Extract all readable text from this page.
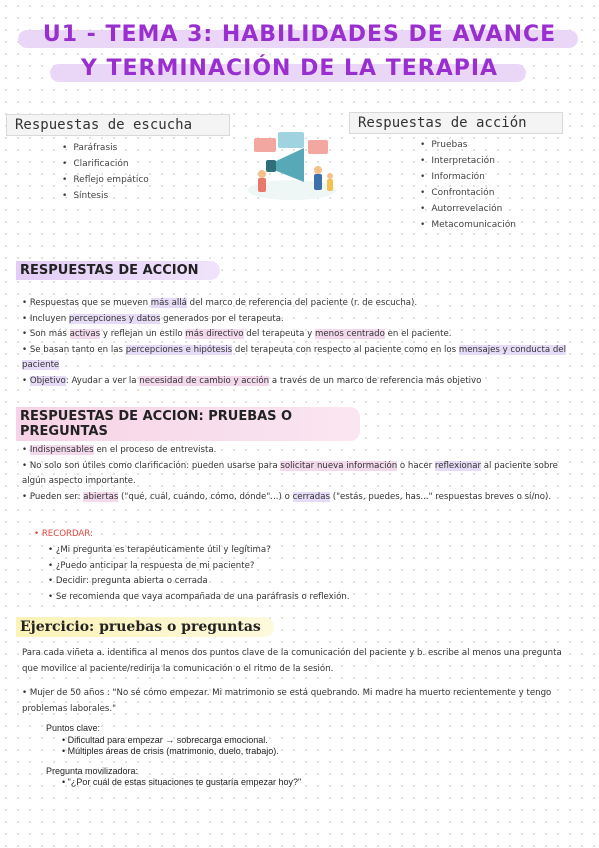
U1 - TEMA 3: HABILIDADES DE AVANCE
Y TERMINACIÓN DE LA TERAPIA
Respuestas de escucha
• Paráfrasis
• Clarificación
• Reflejo empático
• Síntesis
Respuestas de acción
• Pruebas
• Interpretación
• Información
• Confrontación
• Autorrevelación
• Metacomunicación
RESPUESTAS DE ACCION
• Respuestas que se mueven más allá del marco de referencia del paciente (r. de escucha).
• Incluyen percepciones y datos generados por el terapeuta.
• Son más activas y reflejan un estilo más directivo del terapeuta y menos centrado en el paciente.
• Se basan tanto en las percepciones e hipótesis del terapeuta con respecto al paciente como en los mensajes y conducta del paciente
• Objetivo: Ayudar a ver la necesidad de cambio y acción a través de un marco de referencia más objetivo
RESPUESTAS DE ACCION: PRUEBAS O PREGUNTAS
• Indispensables en el proceso de entrevista.
• No solo son útiles como clarificación: pueden usarse para solicitar nueva información o hacer reflexionar al paciente sobre algún aspecto importante.
• Pueden ser: abiertas ("qué, cuál, cuándo, cómo, dónde"...) o cerradas ("estás, puedes, has..." respuestas breves o sí/no).
• RECORDAR:
• ¿Mi pregunta es terapéuticamente útil y legítima?
• ¿Puedo anticipar la respuesta de mi paciente?
• Decidir: pregunta abierta o cerrada
• Se recomienda que vaya acompañada de una paráfrasis o reflexión.
Ejercicio: pruebas o preguntas
Para cada viñeta a. identifica al menos dos puntos clave de la comunicación del paciente y b. escribe al menos una pregunta que movilice al paciente/redirija la comunicación o el ritmo de la sesión.
• Mujer de 50 años : "No sé cómo empezar. Mi matrimonio se está quebrando. Mi madre ha muerto recientemente y tengo problemas laborales."
Puntos clave:
• Dificultad para empezar → sobrecarga emocional.
• Múltiples áreas de crisis (matrimonio, duelo, trabajo).
Pregunta movilizadora:
• "¿Por cuál de estas situaciones te gustaría empezar hoy?"
